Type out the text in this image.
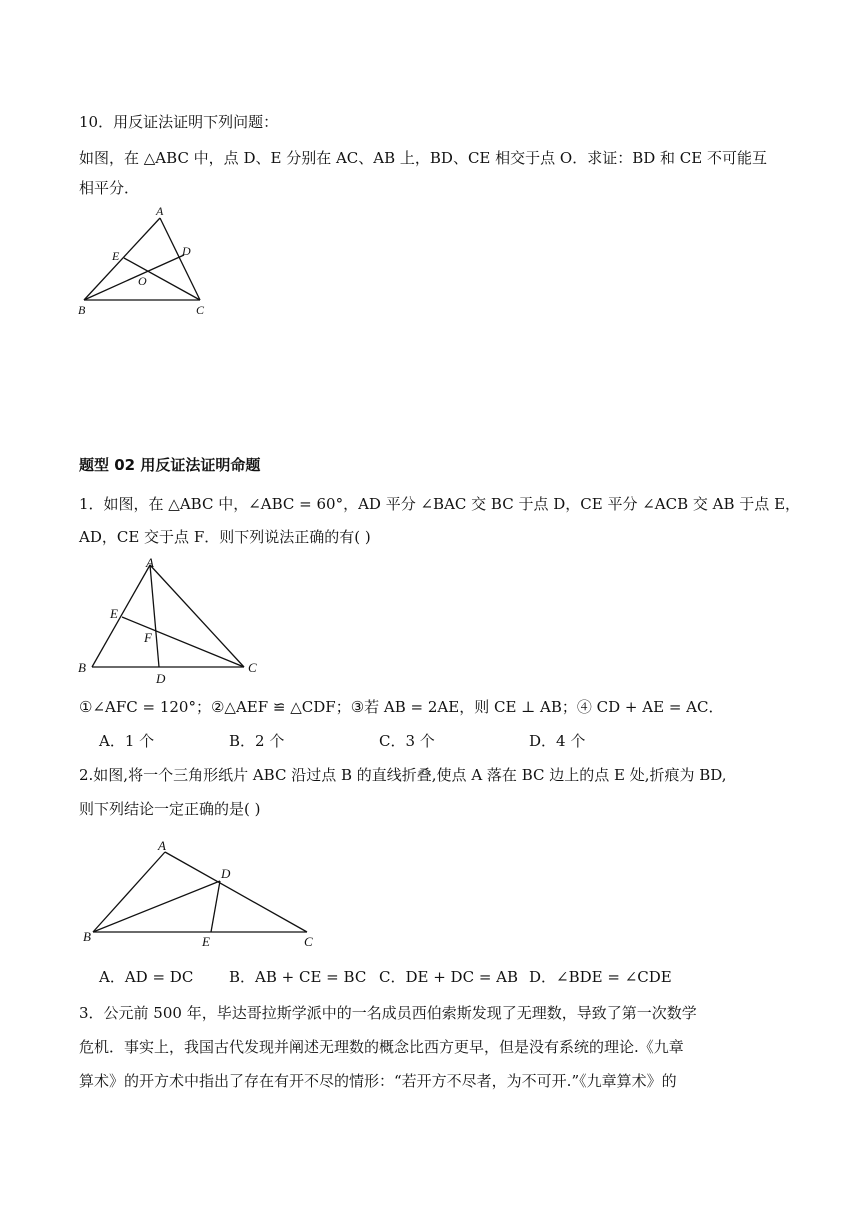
10．用反证法证明下列问题：
如图，在 △ABC 中，点 D、E 分别在 AC、AB 上，BD、CE 相交于点 O．求证：BD 和 CE 不可能互
相平分．
A
B	C
D
E
O
题型 02 用反证法证明命题
1．如图，在 △ABC 中，∠ABC = 60°，AD 平分 ∠BAC 交 BC 于点 D，CE 平分 ∠ACB 交 AB 于点 E，
AD，CE 交于点 F．则下列说法正确的有( )
A
B	C
D
E
F
①∠AFC = 120°；②△AEF ≌ △CDF；③若 AB = 2AE，则 CE ⊥ AB；④ CD + AE = AC．
A．1 个	B．2 个	C．3 个	D．4 个
2.如图,将一个三角形纸片 ABC 沿过点 B 的直线折叠,使点 A 落在 BC 边上的点 E 处,折痕为 BD,
则下列结论一定正确的是( )
A
B	C
D
E
A．AD = DC B．AB + CE = BC C．DE + DC = AB D．∠BDE = ∠CDE
3．公元前 500 年，毕达哥拉斯学派中的一名成员西伯索斯发现了无理数，导致了第一次数学
危机．事实上，我国古代发现并阐述无理数的概念比西方更早，但是没有系统的理论.《九章
算术》的开方术中指出了存在有开不尽的情形：“若开方不尽者，为不可开.”《九章算术》的
